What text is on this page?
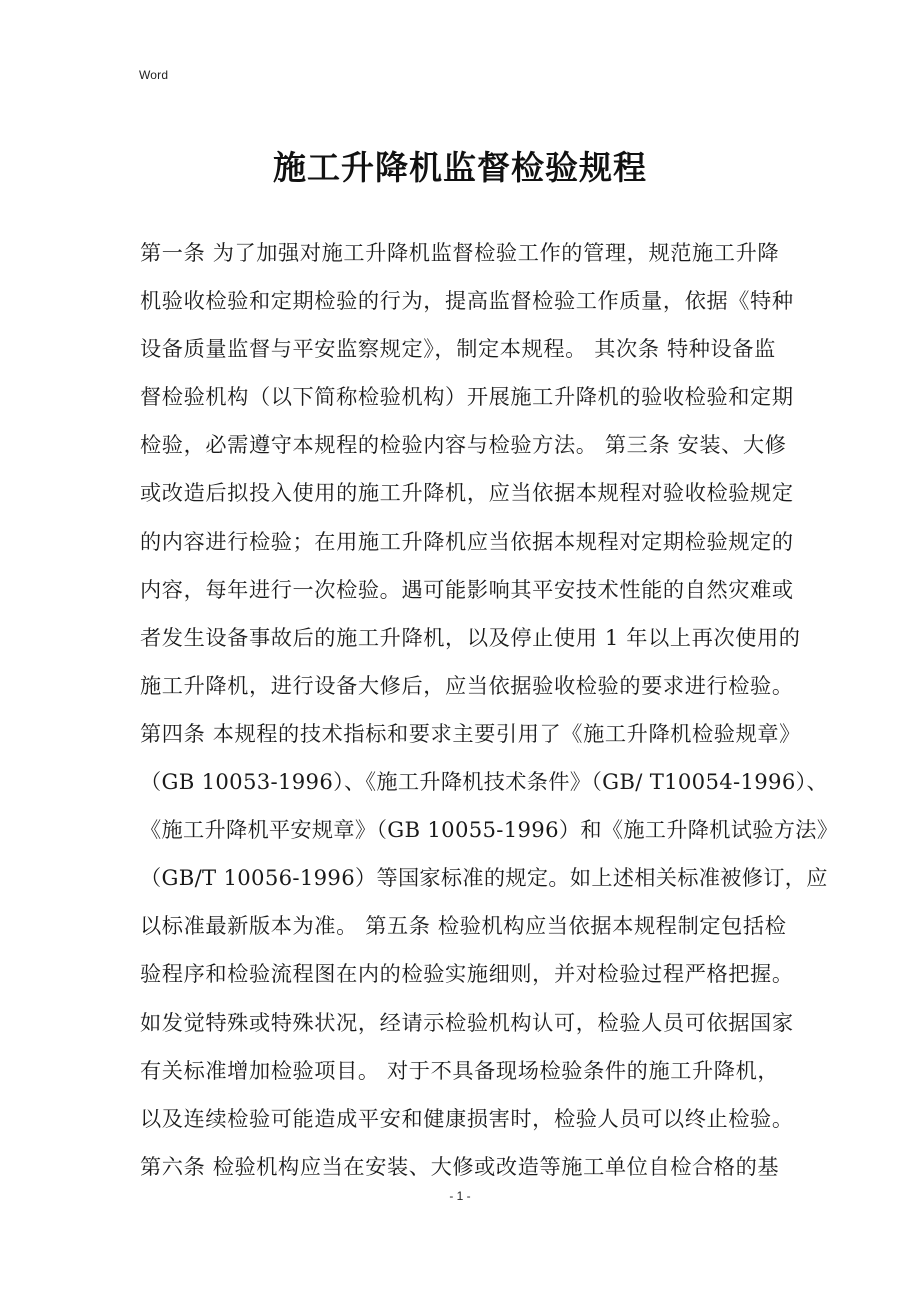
Word
施工升降机监督检验规程
第一条 为了加强对施工升降机监督检验工作的管理，规范施工升降
机验收检验和定期检验的行为，提高监督检验工作质量，依据《特种
设备质量监督与平安监察规定》，制定本规程。 其次条 特种设备监
督检验机构（以下简称检验机构）开展施工升降机的验收检验和定期
检验，必需遵守本规程的检验内容与检验方法。 第三条 安装、大修
或改造后拟投入使用的施工升降机，应当依据本规程对验收检验规定
的内容进行检验；在用施工升降机应当依据本规程对定期检验规定的
内容，每年进行一次检验。遇可能影响其平安技术性能的自然灾难或
者发生设备事故后的施工升降机，以及停止使用 1 年以上再次使用的
施工升降机，进行设备大修后，应当依据验收检验的要求进行检验。
第四条 本规程的技术指标和要求主要引用了《施工升降机检验规章》
（GB 10053-1996）、《施工升降机技术条件》（GB/ T10054-1996）、
《施工升降机平安规章》（GB 10055-1996）和《施工升降机试验方法》
（GB/T 10056-1996）等国家标准的规定。如上述相关标准被修订，应
以标准最新版本为准。 第五条 检验机构应当依据本规程制定包括检
验程序和检验流程图在内的检验实施细则，并对检验过程严格把握。
如发觉特殊或特殊状况，经请示检验机构认可，检验人员可依据国家
有关标准增加检验项目。 对于不具备现场检验条件的施工升降机，
以及连续检验可能造成平安和健康损害时，检验人员可以终止检验。
第六条 检验机构应当在安装、大修或改造等施工单位自检合格的基
- 1 -
